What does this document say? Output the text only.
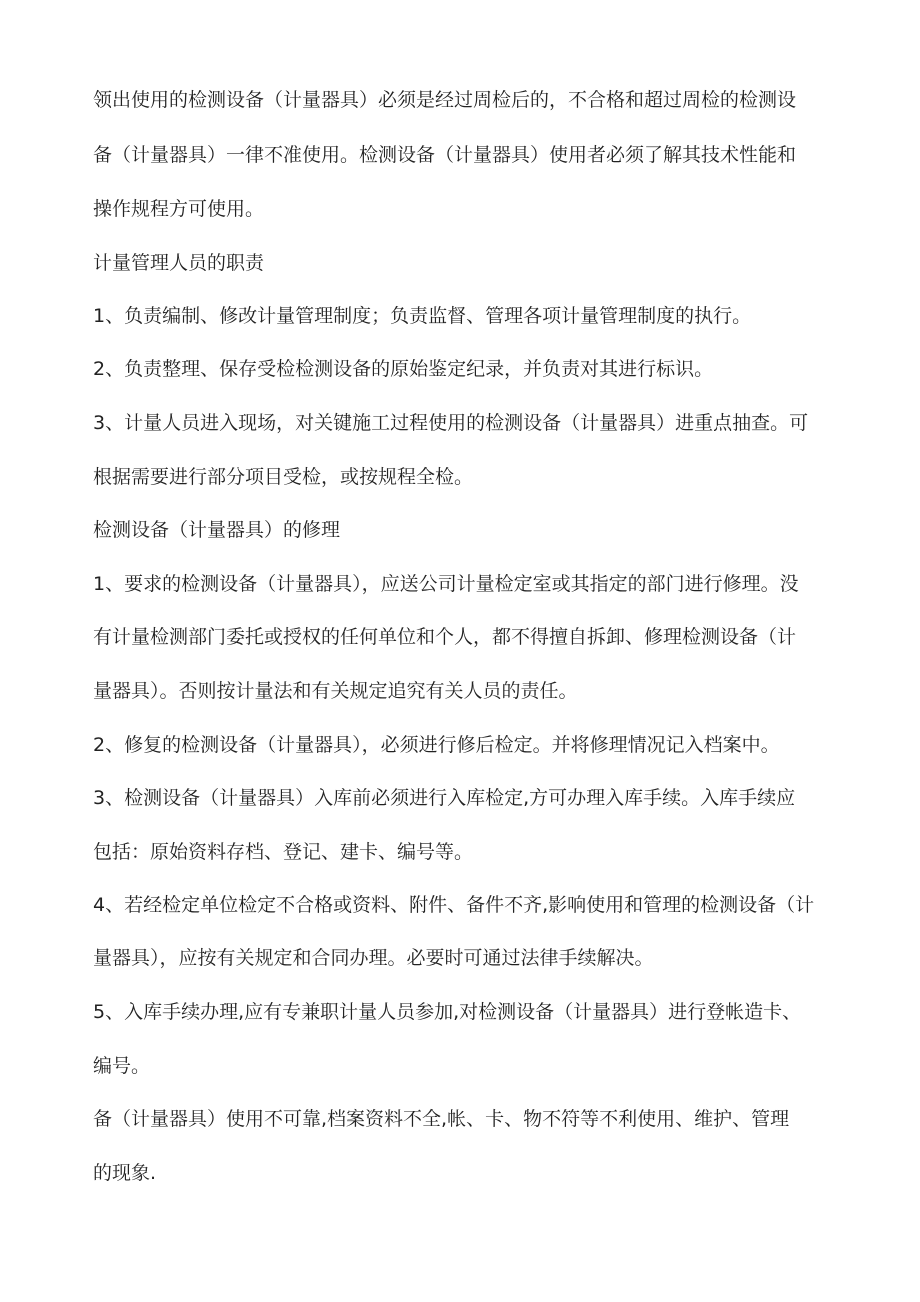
领出使用的检测设备（计量器具）必须是经过周检后的，不合格和超过周检的检测设

备（计量器具）一律不准使用。检测设备（计量器具）使用者必须了解其技术性能和

操作规程方可使用。

计量管理人员的职责

1、负责编制、修改计量管理制度；负责监督、管理各项计量管理制度的执行。

2、负责整理、保存受检检测设备的原始鉴定纪录，并负责对其进行标识。

3、计量人员进入现场，对关键施工过程使用的检测设备（计量器具）进重点抽查。可

根据需要进行部分项目受检，或按规程全检。

检测设备（计量器具）的修理

1、要求的检测设备（计量器具），应送公司计量检定室或其指定的部门进行修理。没

有计量检测部门委托或授权的任何单位和个人，都不得擅自拆卸、修理检测设备（计

量器具）。否则按计量法和有关规定追究有关人员的责任。

2、修复的检测设备（计量器具），必须进行修后检定。并将修理情况记入档案中。

3、检测设备（计量器具）入库前必须进行入库检定,方可办理入库手续。入库手续应

包括：原始资料存档、登记、建卡、编号等。

4、若经检定单位检定不合格或资料、附件、备件不齐,影响使用和管理的检测设备（计

量器具），应按有关规定和合同办理。必要时可通过法律手续解决。

5、入库手续办理,应有专兼职计量人员参加,对检测设备（计量器具）进行登帐造卡、

编号。

备（计量器具）使用不可靠,档案资料不全,帐、卡、物不符等不利使用、维护、管理

的现象.
